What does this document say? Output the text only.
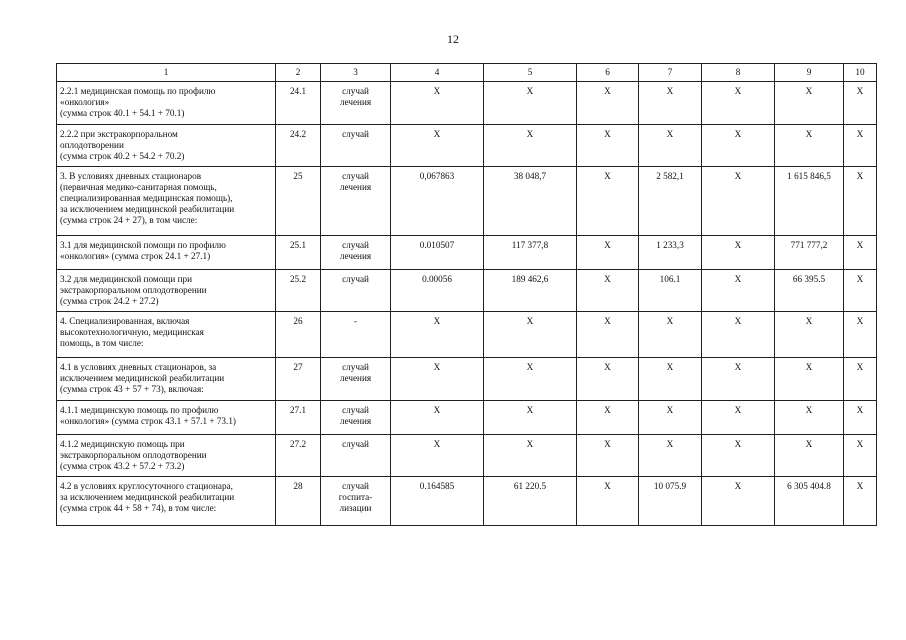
12
1	2	3	4	5	6	7	8	9	10
2.2.1 медицинская помощь по профилю
«онкология»
(сумма строк 40.1 + 54.1 + 70.1)	24.1	случай
лечения	Х	Х	Х	Х	Х	Х	Х
2.2.2 при экстракорпоральном
оплодотворении
(сумма строк 40.2 + 54.2 + 70.2)	24.2	случай	Х	Х	Х	Х	Х	Х	Х
3. В условиях дневных стационаров
(первичная медико-санитарная помощь,
специализированная медицинская помощь),
за исключением медицинской реабилитации
(сумма строк 24 + 27), в том числе:	25	случай
лечения	0,067863	38 048,7	Х	2 582,1	Х	1 615 846,5	Х
3.1 для медицинской помощи по профилю
«онкология» (сумма строк 24.1 + 27.1)	25.1	случай
лечения	0.010507	117 377,8	Х	1 233,3	Х	771 777,2	Х
3.2 для медицинской помощи при
экстракорпоральном оплодотворении
(сумма строк 24.2 + 27.2)	25.2	случай	0.00056	189 462,6	Х	106.1	Х	66 395.5	Х
4. Специализированная, включая
высокотехнологичную, медицинская
помощь, в том числе:	26	-	Х	Х	Х	Х	Х	Х	Х
4.1 в условиях дневных стационаров, за
исключением медицинской реабилитации
(сумма строк 43 + 57 + 73), включая:	27	случай
лечения	Х	Х	Х	Х	Х	Х	Х
4.1.1 медицинскую помощь по профилю
«онкология» (сумма строк 43.1 + 57.1 + 73.1)	27.1	случай
лечения	Х	Х	Х	Х	Х	Х	Х
4.1.2 медицинскую помощь при
экстракорпоральном оплодотворении
(сумма строк 43.2 + 57.2 + 73.2)	27.2	случай	Х	Х	Х	Х	Х	Х	Х
4.2 в условиях круглосуточного стационара,
за исключением медицинской реабилитации
(сумма строк 44 + 58 + 74), в том числе:	28	случай
госпита-
лизации	0.164585	61 220.5	Х	10 075.9	Х	6 305 404.8	Х
